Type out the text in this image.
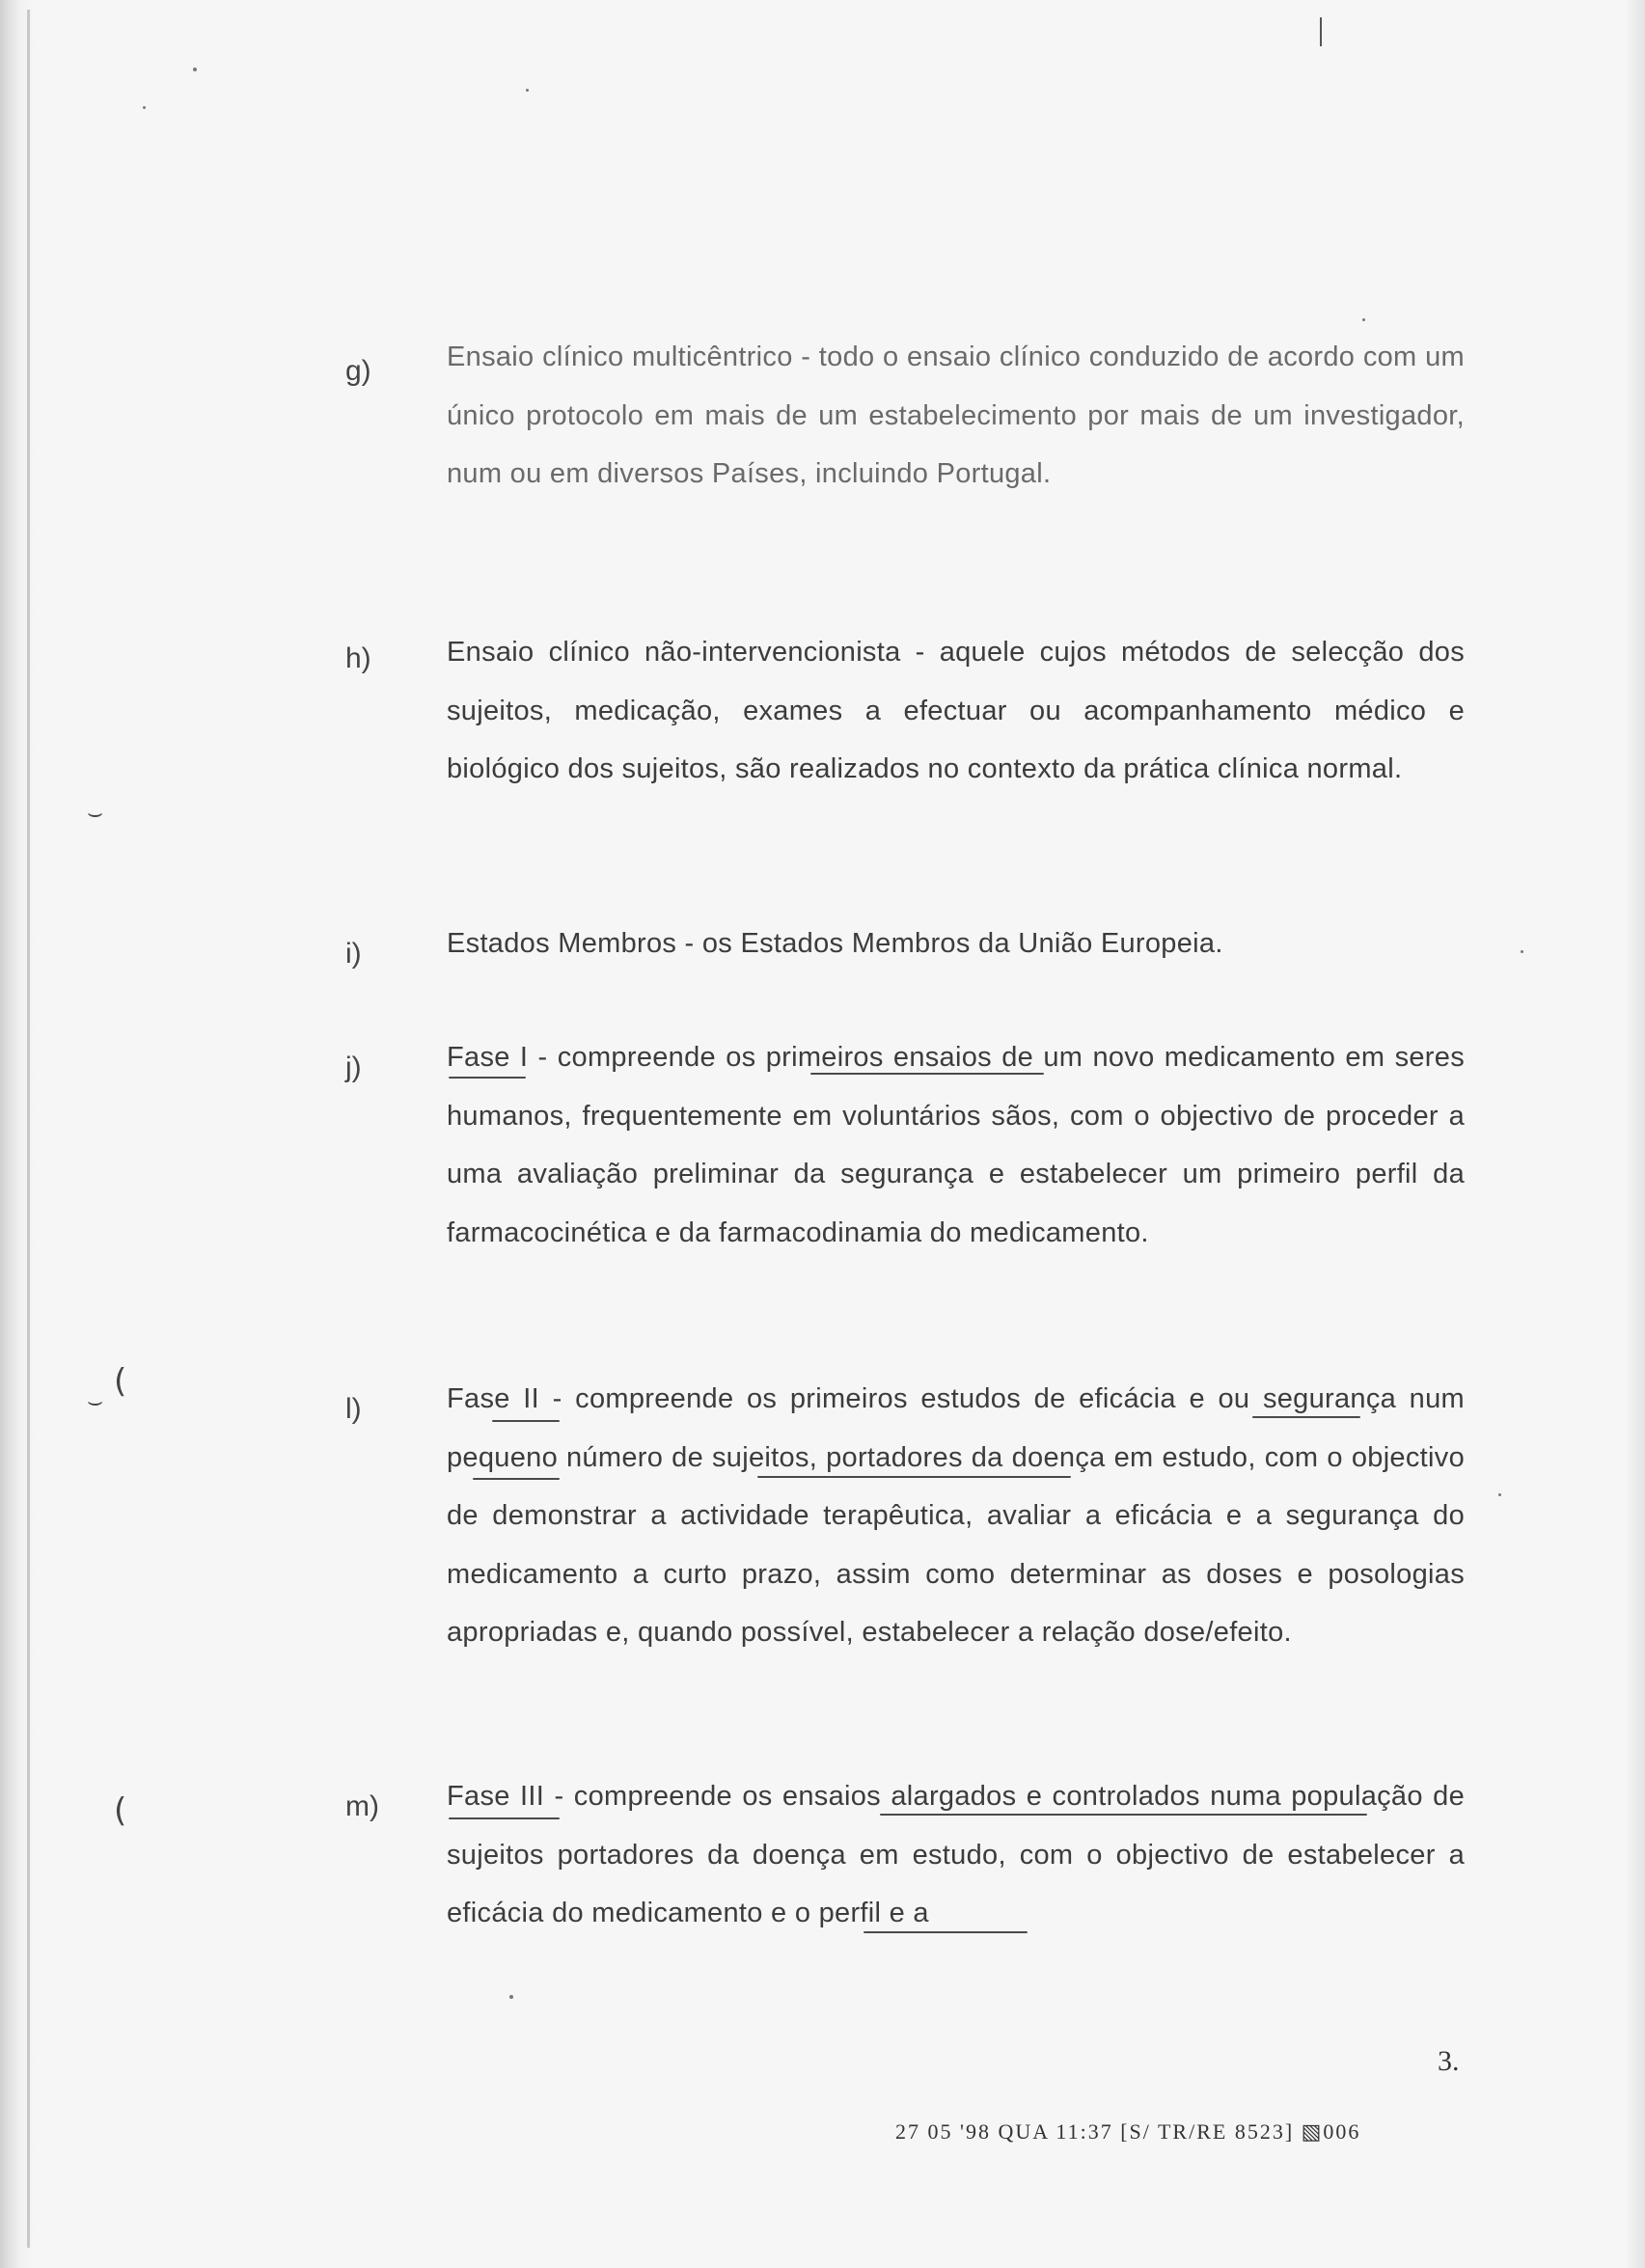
⌣
(
⌣
(
g)	Ensaio clínico multicêntrico - todo o ensaio clínico conduzido de acordo com um único protocolo em mais de um estabelecimento por mais de um investigador, num ou em diversos Países, incluindo Portugal.
h)	Ensaio clínico não-intervencionista - aquele cujos métodos de selecção dos sujeitos, medicação, exames a efectuar ou acompanhamento médico e biológico dos sujeitos, são realizados no contexto da prática clínica normal.
i)	Estados Membros - os Estados Membros da União Europeia.
j)	Fase I - compreende os primeiros ensaios de um novo medicamento em seres humanos, frequentemente em voluntários sãos, com o objectivo de proceder a uma avaliação preliminar da segurança e estabelecer um primeiro perfil da farmacocinética e da farmacodinamia do medicamento.
l)	Fase II - compreende os primeiros estudos de eficácia e ou segurança num pequeno número de sujeitos, portadores da doença em estudo, com o objectivo de demonstrar a actividade terapêutica, avaliar a eficácia e a segurança do medicamento a curto prazo, assim como determinar as doses e posologias apropriadas e, quando possível, estabelecer a relação dose/efeito.
m) Fase III - compreende os ensaios alargados e controlados numa população de sujeitos portadores da doença em estudo, com o objectivo de estabelecer a eficácia do medicamento e o perfil e a
3.
27 05 '98 QUA 11:37 [S/ TR/RE 8523] ▧006
